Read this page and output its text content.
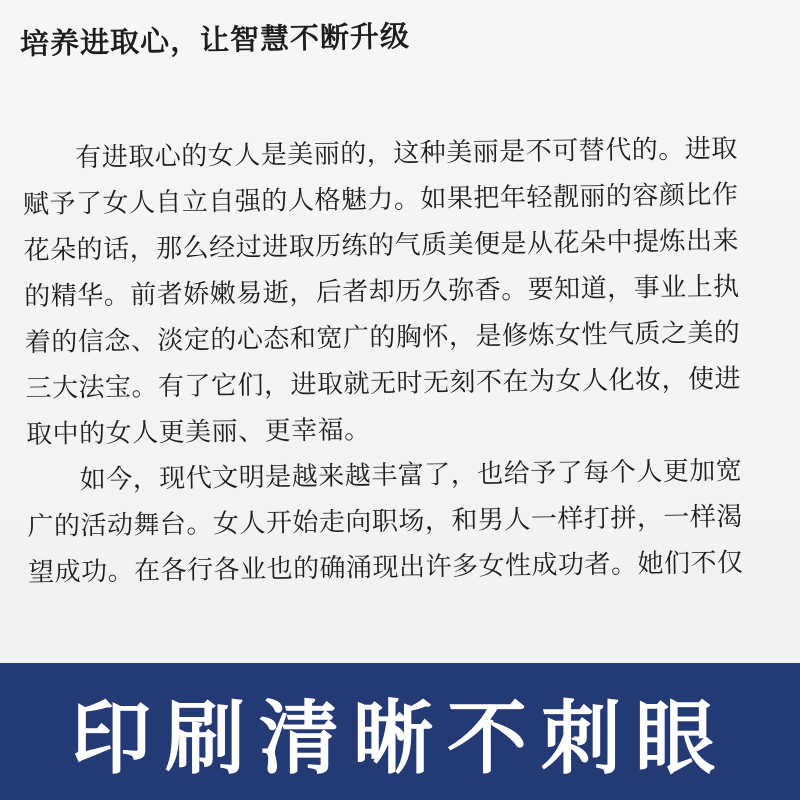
培养进取心，让智慧不断升级
　　有进取心的女人是美丽的，这种美丽是不可替代的。进取
赋予了女人自立自强的人格魅力。如果把年轻靓丽的容颜比作
花朵的话，那么经过进取历练的气质美便是从花朵中提炼出来
的精华。前者娇嫩易逝，后者却历久弥香。要知道，事业上执
着的信念、淡定的心态和宽广的胸怀，是修炼女性气质之美的
三大法宝。有了它们，进取就无时无刻不在为女人化妆，使进
取中的女人更美丽、更幸福。
　　如今，现代文明是越来越丰富了，也给予了每个人更加宽
广的活动舞台。女人开始走向职场，和男人一样打拼，一样渴
望成功。在各行各业也的确涌现出许多女性成功者。她们不仅
印刷清晰不刺眼
